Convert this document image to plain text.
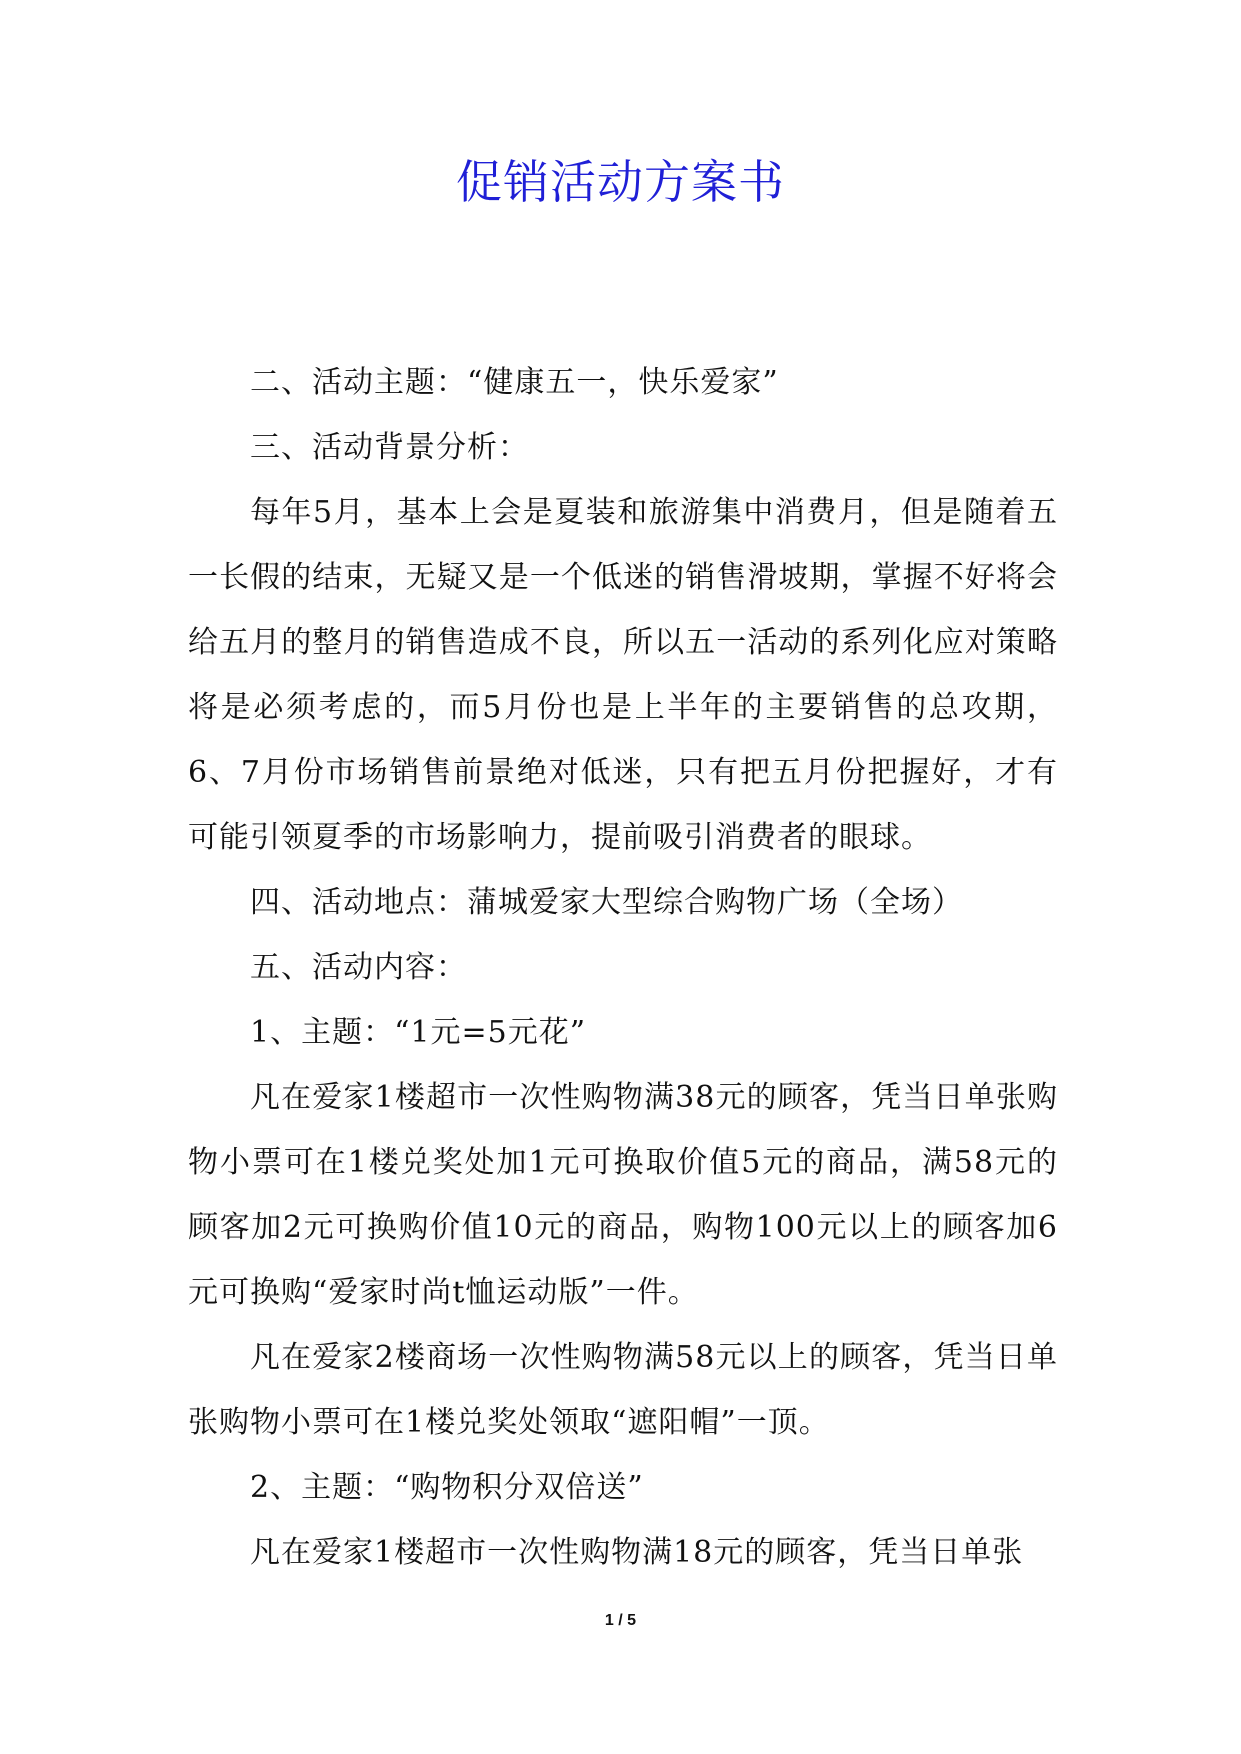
促销活动方案书

二、活动主题：“健康五一，快乐爱家”

三、活动背景分析：

每年5月，基本上会是夏装和旅游集中消费月，但是随着五一长假的结束，无疑又是一个低迷的销售滑坡期，掌握不好将会给五月的整月的销售造成不良，所以五一活动的系列化应对策略将是必须考虑的，而5月份也是上半年的主要销售的总攻期，6、7月份市场销售前景绝对低迷，只有把五月份把握好，才有可能引领夏季的市场影响力，提前吸引消费者的眼球。

四、活动地点：蒲城爱家大型综合购物广场（全场）

五、活动内容：

1、主题：“1元=5元花”

凡在爱家1楼超市一次性购物满38元的顾客，凭当日单张购物小票可在1楼兑奖处加1元可换取价值5元的商品，满58元的顾客加2元可换购价值10元的商品，购物100元以上的顾客加6元可换购“爱家时尚t恤运动版”一件。

凡在爱家2楼商场一次性购物满58元以上的顾客，凭当日单张购物小票可在1楼兑奖处领取“遮阳帽”一顶。

2、主题：“购物积分双倍送”

凡在爱家1楼超市一次性购物满18元的顾客，凭当日单张

1 / 5
